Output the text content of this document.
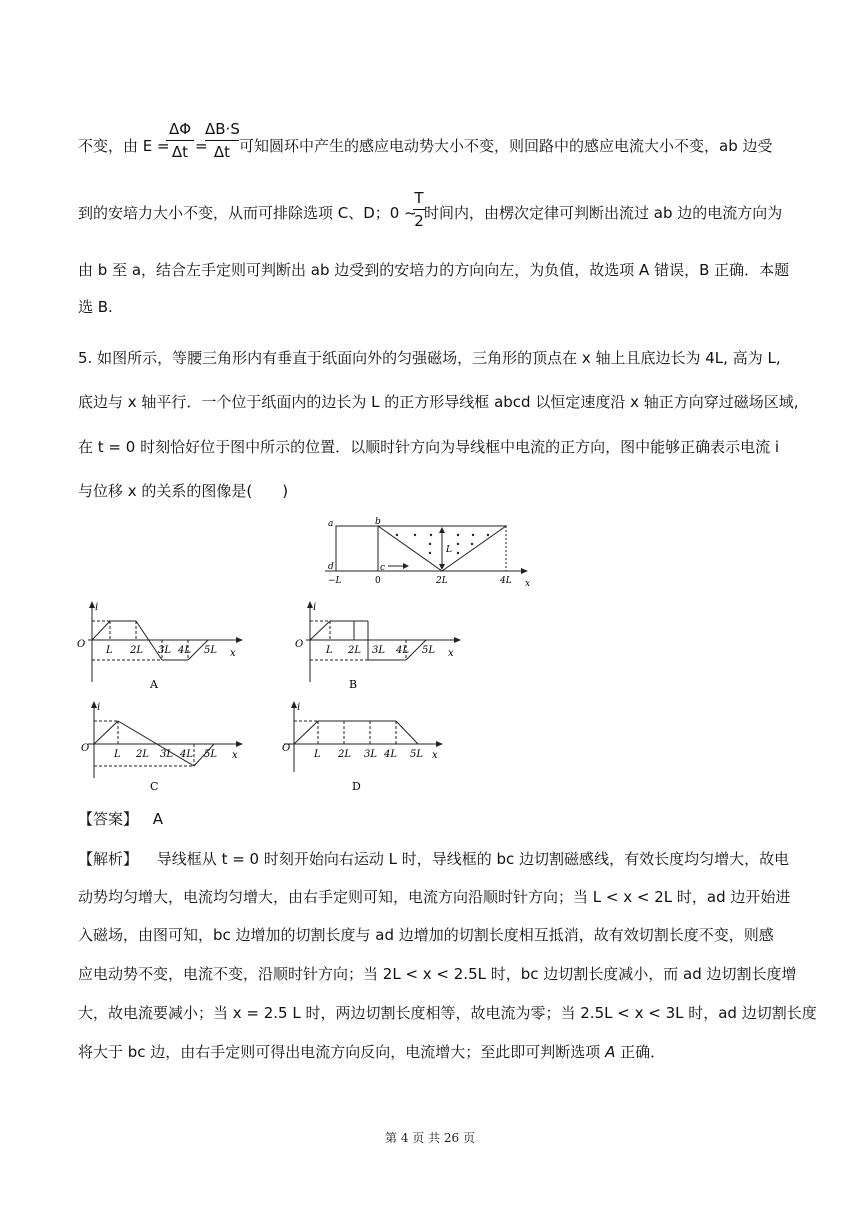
不变，由 E =
ΔΦ
Δt =
ΔB·S
Δt 可知圆环中产生的感应电动势大小不变，则回路中的感应电流大小不变，ab 边受
到的安培力大小不变，从而可排除选项 C、D；0 ~
T
2 时间内，由楞次定律可判断出流过 ab 边的电流方向为
由 b 至 a，结合左手定则可判断出 ab 边受到的安培力的方向向左，为负值，故选项 A 错误，B 正确．本题
选 B.
5. 如图所示，等腰三角形内有垂直于纸面向外的匀强磁场，三角形的顶点在 x 轴上且底边长为 4L, 高为 L,
底边与 x 轴平行．一个位于纸面内的边长为 L 的正方形导线框 abcd 以恒定速度沿 x 轴正方向穿过磁场区域,
在 t = 0 时刻恰好位于图中所示的位置．以顺时针方向为导线框中电流的正方向，图中能够正确表示电流 i
与位移 x 的关系的图像是(　　)
a	b
c
d
L
−L	0	2L	4L x
i
O
L 2L 3L 4L 5L x
A
i
O
L 2L 3L 4L 5L x
B
i
O
L 2L 3L 4L 5L x
C
i
O
L 2L 3L 4L 5L x
D
【答案】 A
【解析】 导线框从 t = 0 时刻开始向右运动 L 时，导线框的 bc 边切割磁感线，有效长度均匀增大，故电
动势均匀增大，电流均匀增大，由右手定则可知，电流方向沿顺时针方向；当 L < x < 2L 时，ad 边开始进
入磁场，由图可知，bc 边增加的切割长度与 ad 边增加的切割长度相互抵消，故有效切割长度不变，则感
应电动势不变，电流不变，沿顺时针方向；当 2L < x < 2.5L 时，bc 边切割长度减小，而 ad 边切割长度增
大，故电流要减小；当 x = 2.5 L 时，两边切割长度相等，故电流为零；当 2.5L < x < 3L 时，ad 边切割长度
将大于 bc 边，由右手定则可得出电流方向反向，电流增大；至此即可判断选项 A 正确．
第 4 页 共 26 页
